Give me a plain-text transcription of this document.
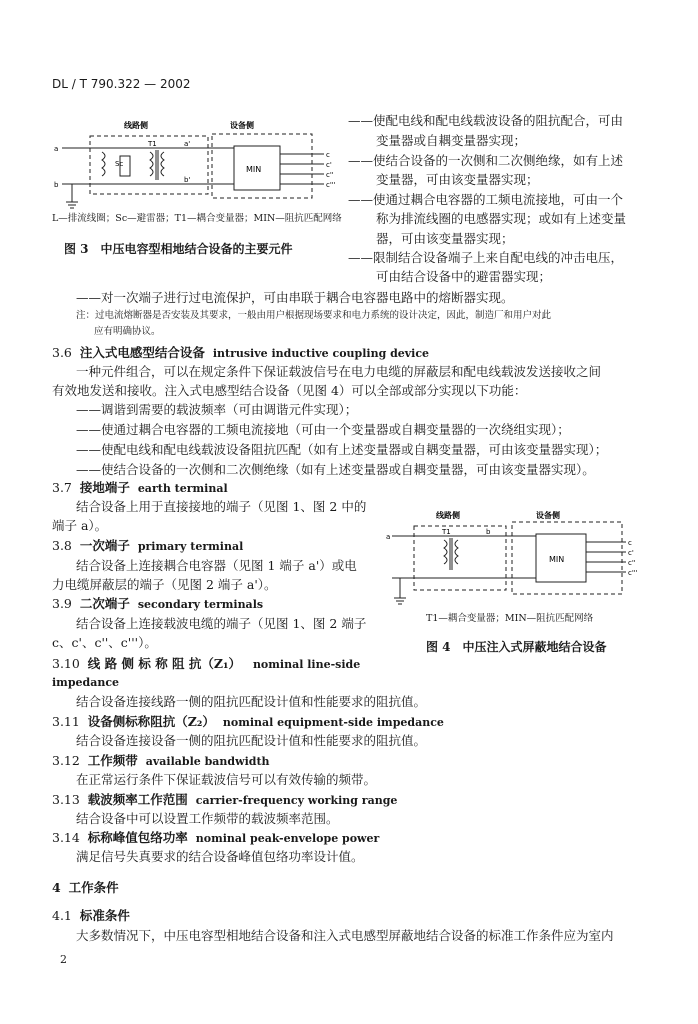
DL / T 790.322 — 2002
线路侧	设备侧
MIN
Sc
T1
a
b
a'
b'
c
c'
c''
c'''
L—排流线圈；Sc—避雷器；T1—耦合变量器；MIN—阻抗匹配网络
图 3　中压电容型相地结合设备的主要元件
——使配电线和配电线载波设备的阻抗配合，可由
变量器或自耦变量器实现；
——使结合设备的一次侧和二次侧绝缘，如有上述
变量器，可由该变量器实现；
——使通过耦合电容器的工频电流接地，可由一个
称为排流线圈的电感器实现；或如有上述变量
器，可由该变量器实现；
——限制结合设备端子上来自配电线的冲击电压，
可由结合设备中的避雷器实现；
——对一次端子进行过电流保护，可由串联于耦合电容器电路中的熔断器实现。
注：过电流熔断器是否安装及其要求，一般由用户根据现场要求和电力系统的设计决定，因此，制造厂和用户对此
应有明确协议。
3.6 注入式电感型结合设备 intrusive inductive coupling device
一种元件组合，可以在规定条件下保证载波信号在电力电缆的屏蔽层和配电线载波发送接收之间
有效地发送和接收。注入式电感型结合设备（见图 4）可以全部或部分实现以下功能：
——调谐到需要的载波频率（可由调谐元件实现）；
——使通过耦合电容器的工频电流接地（可由一个变量器或自耦变量器的一次绕组实现）；
——使配电线和配电线载波设备阻抗匹配（如有上述变量器或自耦变量器，可由该变量器实现）；
——使结合设备的一次侧和二次侧绝缘（如有上述变量器或自耦变量器，可由该变量器实现）。
3.7 接地端子 earth terminal
结合设备上用于直接接地的端子（见图 1、图 2 中的
端子 a）。
3.8 一次端子 primary terminal
结合设备上连接耦合电容器（见图 1 端子 a'）或电
力电缆屏蔽层的端子（见图 2 端子 a'）。
3.9 二次端子 secondary terminals
结合设备上连接载波电缆的端子（见图 1、图 2 端子
c、c'、c''、c'''）。
3.10 线 路 侧 标 称 阻 抗（Z₁） nominal line-side
impedance
结合设备连接线路一侧的阻抗匹配设计值和性能要求的阻抗值。
3.11 设备侧标称阻抗（Z₂） nominal equipment-side impedance
结合设备连接设备一侧的阻抗匹配设计值和性能要求的阻抗值。
3.12 工作频带 available bandwidth
在正常运行条件下保证载波信号可以有效传输的频带。
3.13 载波频率工作范围 carrier-frequency working range
结合设备中可以设置工作频带的载波频率范围。
3.14 标称峰值包络功率 nominal peak-envelope power
满足信号失真要求的结合设备峰值包络功率设计值。
4 工作条件
4.1 标准条件
大多数情况下，中压电容型相地结合设备和注入式电感型屏蔽地结合设备的标准工作条件应为室内
线路侧	设备侧
MIN
T1	b
a
c
c'
c''
c'''
T1—耦合变量器；MIN—阻抗匹配网络
图 4　中压注入式屏蔽地结合设备
2
